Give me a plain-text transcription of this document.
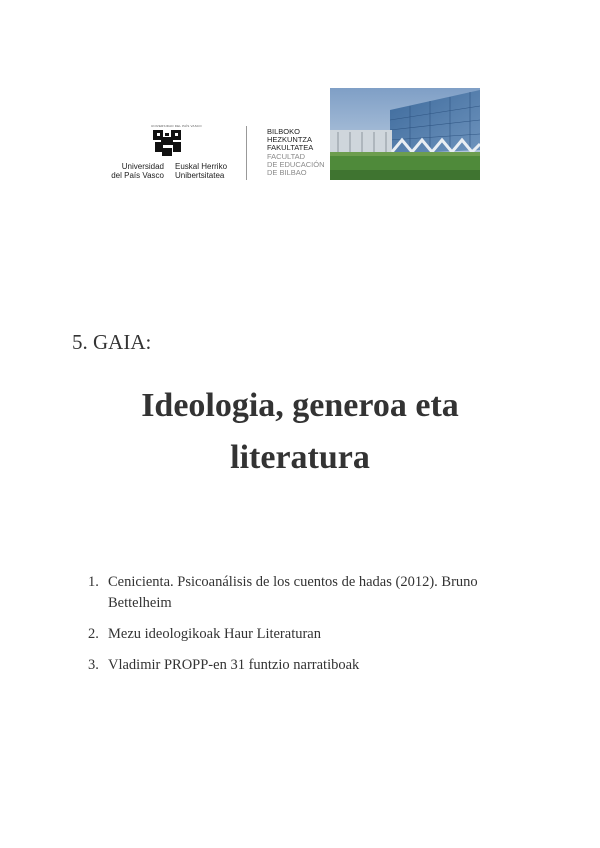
UNIVERSIDAD DEL PAÍS VASCO
Universidad
del País Vasco
Euskal Herriko
Unibertsitatea
BILBOKO
HEZKUNTZA
FAKULTATEA
FACULTAD
DE EDUCACIÓN
DE BILBAO
5. GAIA:
Ideologia, generoa eta
literatura
1. Cenicienta. Psicoanálisis de los cuentos de hadas (2012). Bruno Bettelheim
2. Mezu ideologikoak Haur Literaturan
3. Vladimir PROPP-en 31 funtzio narratiboak
